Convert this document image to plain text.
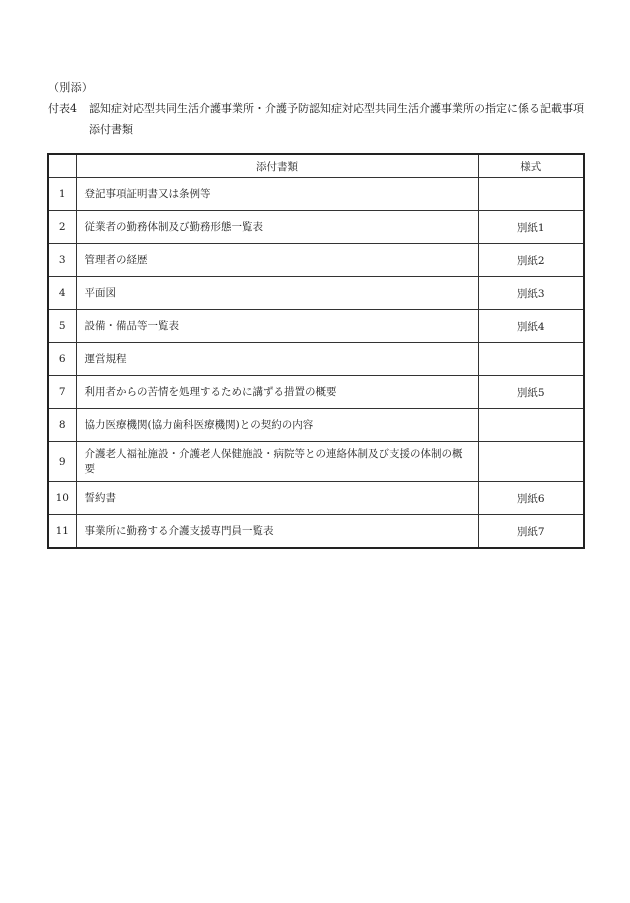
（別添）
付表4 認知症対応型共同生活介護事業所・介護予防認知症対応型共同生活介護事業所の指定に係る記載事項　添付書類
	添付書類	様式
1	登記事項証明書又は条例等	
2	従業者の勤務体制及び勤務形態一覧表	別紙1
3	管理者の経歴	別紙2
4	平面図	別紙3
5	設備・備品等一覧表	別紙4
6	運営規程	
7	利用者からの苦情を処理するために講ずる措置の概要	別紙5
8	協力医療機関(協力歯科医療機関)との契約の内容	
9	介護老人福祉施設・介護老人保健施設・病院等との連絡体制及び支援の体制の概要	
10	誓約書	別紙6
11	事業所に勤務する介護支援専門員一覧表	別紙7
